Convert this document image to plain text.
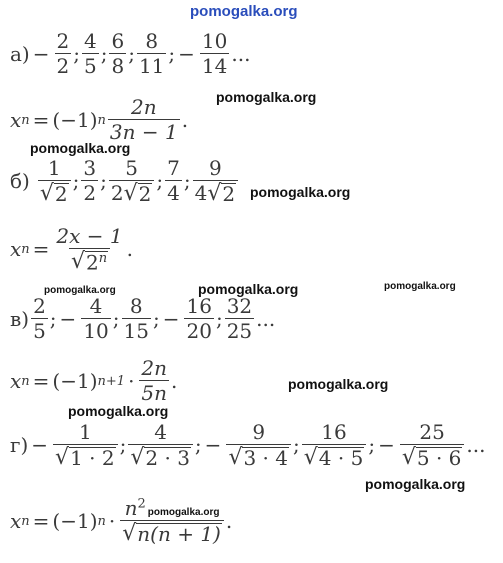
pomogalka.org
pomogalka.org
pomogalka.org
pomogalka.org
pomogalka.org	pomogalka.org	pomogalka.org
pomogalka.org
pomogalka.org
pomogalka.org
$а) - \frac{2}{2}$ ; $\frac{4}{5}$ ; $\frac{6}{8}$ ; $\frac{8}{11}$ ; − $\frac{10}{14}$ ...
x n = (−1) n $\frac{2n}{3n - 1}$ .
$б) \frac{1}{√ 2}$ ; $\frac{3}{2}$ ; $\frac{5}{2 √ 2}$ ; $\frac{7}{4}$ ; $\frac{9}{4 √ 2}$
x $n = \frac{2x - 1}{√ 2^n}$ .
$в) \frac{2}{5}$ ; − $\frac{4}{10}$ ; $\frac{8}{15}$ ; − $\frac{16}{20}$ ; $\frac{32}{25}$ ...
x n = (−1) $n+1 \cdot \frac{2n}{5n}$ .
$г) - \frac{1}{√ 1 \cdot 2}$ ; $\frac{4}{√ 2 \cdot 3}$ ; − $\frac{9}{√ 3 \cdot 4}$ ; $\frac{16}{√ 4 \cdot 5}$ ; − $\frac{25}{√ 5 \cdot 6}$ ...
x n = (−1) $n \cdot \frac{n^2pomogalka.org}{√ n(n + 1)}$ .
